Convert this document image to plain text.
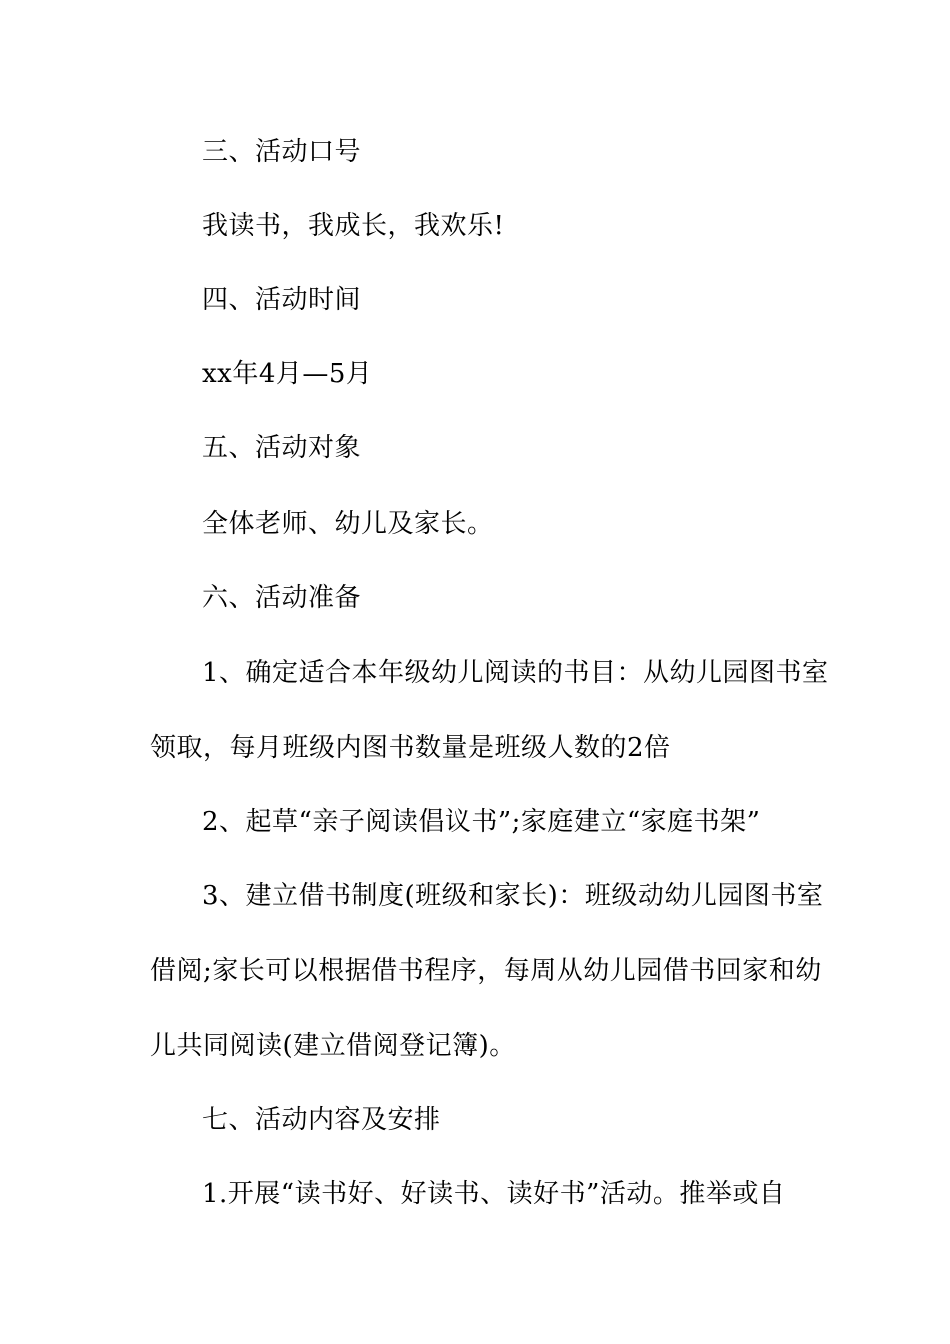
三、活动口号
我读书，我成长，我欢乐!
四、活动时间
xx年4月—5月
五、活动对象
全体老师、幼儿及家长。
六、活动准备
1、确定适合本年级幼儿阅读的书目：从幼儿园图书室
领取，每月班级内图书数量是班级人数的2倍
2、起草“亲子阅读倡议书”;家庭建立“家庭书架”
3、建立借书制度(班级和家长)：班级动幼儿园图书室
借阅;家长可以根据借书程序，每周从幼儿园借书回家和幼
儿共同阅读(建立借阅登记簿)。
七、活动内容及安排
1.开展“读书好、好读书、读好书”活动。推举或自
